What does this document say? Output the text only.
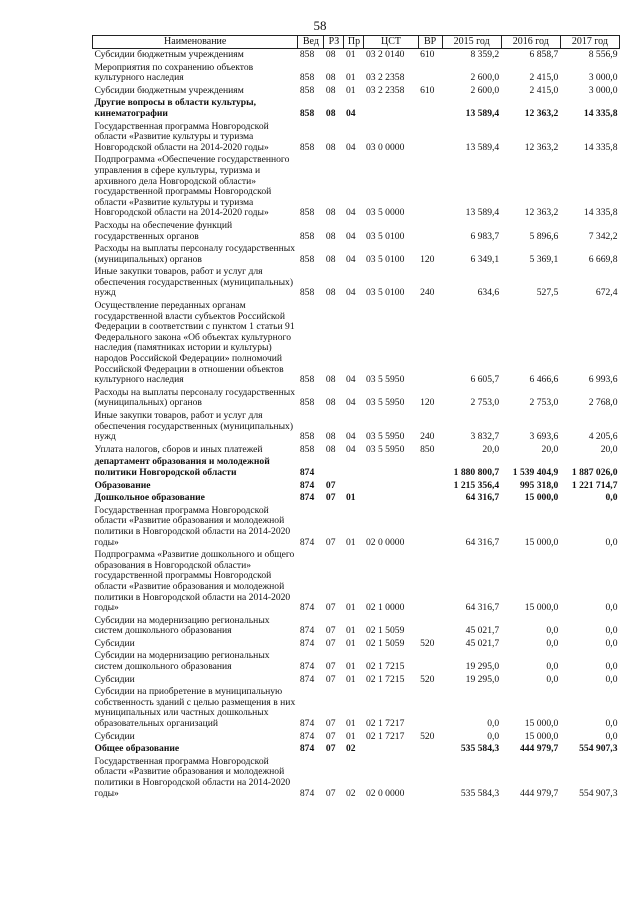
58
Наименование	Вед	РЗ	Пр	ЦСТ	ВР	2015 год	2016 год	2017 год
Субсидии бюджетным учреждениям	858	08	01	03 2 0140	610	8 359,2	6 858,7	8 556,9
Мероприятия по сохранению объектов культурного наследия	858	08	01	03 2 2358		2 600,0	2 415,0	3 000,0
Субсидии бюджетным учреждениям	858	08	01	03 2 2358	610	2 600,0	2 415,0	3 000,0
Другие вопросы в области культуры, кинематографии	858	08	04			13 589,4	12 363,2	14 335,8
Государственная программа Новгородской области «Развитие культуры и туризма Новгородской области на 2014-2020 годы»	858	08	04	03 0 0000		13 589,4	12 363,2	14 335,8
Подпрограмма «Обеспечение государственного управления в сфере культуры, туризма и архивного дела Новгородской области» государственной программы Новгородской области «Развитие культуры и туризма Новгородской области на 2014-2020 годы»	858	08	04	03 5 0000		13 589,4	12 363,2	14 335,8
Расходы на обеспечение функций государственных органов	858	08	04	03 5 0100		6 983,7	5 896,6	7 342,2
Расходы на выплаты персоналу государственных (муниципальных) органов	858	08	04	03 5 0100	120	6 349,1	5 369,1	6 669,8
Иные закупки товаров, работ и услуг для обеспечения государственных (муниципальных) нужд	858	08	04	03 5 0100	240	634,6	527,5	672,4
Осуществление переданных органам государственной власти субъектов Российской Федерации в соответствии с пунктом 1 статьи 91 Федерального закона «Об объектах культурного наследия (памятниках истории и культуры) народов Российской Федерации» полномочий Российской Федерации в отношении объектов культурного наследия	858	08	04	03 5 5950		6 605,7	6 466,6	6 993,6
Расходы на выплаты персоналу государственных (муниципальных) органов	858	08	04	03 5 5950	120	2 753,0	2 753,0	2 768,0
Иные закупки товаров, работ и услуг для обеспечения государственных (муниципальных) нужд	858	08	04	03 5 5950	240	3 832,7	3 693,6	4 205,6
Уплата налогов, сборов и иных платежей	858	08	04	03 5 5950	850	20,0	20,0	20,0
департамент образования и молодежной политики Новгородской области	874					1 880 800,7	1 539 404,9	1 887 026,0
Образование	874	07				1 215 356,4	995 318,0	1 221 714,7
Дошкольное образование	874	07	01			64 316,7	15 000,0	0,0
Государственная программа Новгородской области «Развитие образования и молодежной политики в Новгородской области на 2014-2020 годы»	874	07	01	02 0 0000		64 316,7	15 000,0	0,0
Подпрограмма «Развитие дошкольного и общего образования в Новгородской области» государственной программы Новгородской области «Развитие образования и молодежной политики в Новгородской области на 2014-2020 годы»	874	07	01	02 1 0000		64 316,7	15 000,0	0,0
Субсидии на модернизацию региональных систем дошкольного образования	874	07	01	02 1 5059		45 021,7	0,0	0,0
Субсидии	874	07	01	02 1 5059	520	45 021,7	0,0	0,0
Субсидии на модернизацию региональных систем дошкольного образования	874	07	01	02 1 7215		19 295,0	0,0	0,0
Субсидии	874	07	01	02 1 7215	520	19 295,0	0,0	0,0
Субсидии на приобретение в муниципальную собственность зданий с целью размещения в них муниципальных или частных дошкольных образовательных организаций	874	07	01	02 1 7217		0,0	15 000,0	0,0
Субсидии	874	07	01	02 1 7217	520	0,0	15 000,0	0,0
Общее образование	874	07	02			535 584,3	444 979,7	554 907,3
Государственная программа Новгородской области «Развитие образования и молодежной политики в Новгородской области на 2014-2020 годы»	874	07	02	02 0 0000		535 584,3	444 979,7	554 907,3
